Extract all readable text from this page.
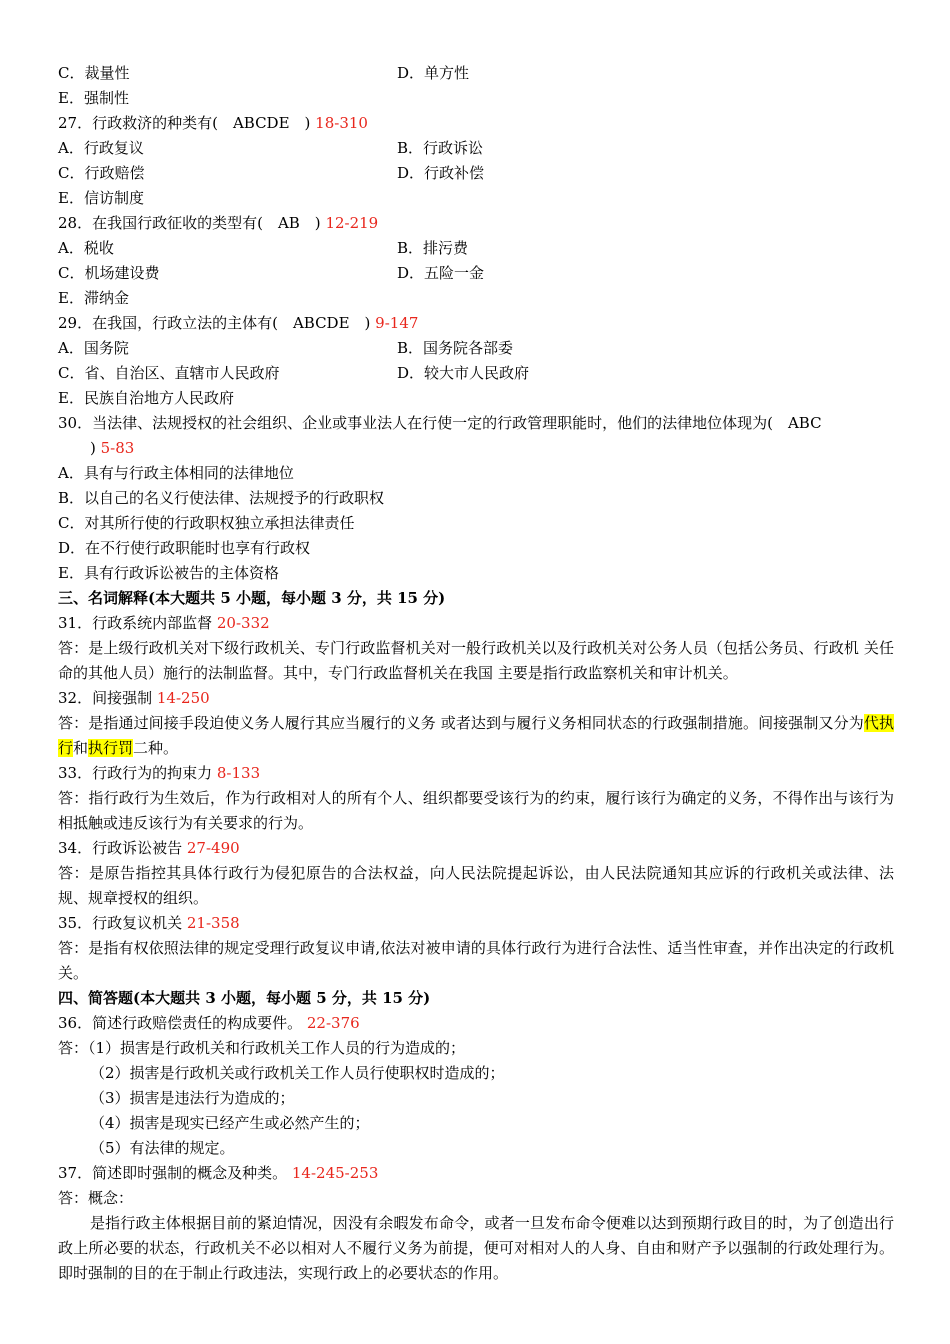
C．裁量性	D．单方性
E．强制性
27．行政救济的种类有(　ABCDE　) 18-310
A．行政复议	B．行政诉讼
C．行政赔偿	D．行政补偿
E．信访制度
28．在我国行政征收的类型有(　AB　) 12-219
A．税收	B．排污费
C．机场建设费	D．五险一金
E．滞纳金
29．在我国，行政立法的主体有(　ABCDE　) 9-147
A．国务院	B．国务院各部委
C．省、自治区、直辖市人民政府	D．较大市人民政府
E．民族自治地方人民政府
30．当法律、法规授权的社会组织、企业或事业法人在行使一定的行政管理职能时，他们的法律地位体现为(　ABC
) 5-83
A．具有与行政主体相同的法律地位
B．以自己的名义行使法律、法规授予的行政职权
C．对其所行使的行政职权独立承担法律责任
D．在不行使行政职能时也享有行政权
E．具有行政诉讼被告的主体资格
三、名词解释(本大题共 5 小题，每小题 3 分，共 15 分)
31．行政系统内部监督 20-332
答：是上级行政机关对下级行政机关、专门行政监督机关对一般行政机关以及行政机关对公务人员（包括公务员、行政机 关任命的其他人员）施行的法制监督。其中，专门行政监督机关在我国 主要是指行政监察机关和审计机关。
32．间接强制 14-250
答：是指通过间接手段迫使义务人履行其应当履行的义务 或者达到与履行义务相同状态的行政强制措施。间接强制又分为代执行和执行罚二种。
33．行政行为的拘束力 8-133
答：指行政行为生效后，作为行政相对人的所有个人、组织都要受该行为的约束，履行该行为确定的义务，不得作出与该行为相抵触或违反该行为有关要求的行为。
34．行政诉讼被告 27-490
答：是原告指控其具体行政行为侵犯原告的合法权益，向人民法院提起诉讼，由人民法院通知其应诉的行政机关或法律、法规、规章授权的组织。
35．行政复议机关 21-358
答：是指有权依照法律的规定受理行政复议申请,依法对被申请的具体行政行为进行合法性、适当性审查，并作出决定的行政机关。
四、简答题(本大题共 3 小题，每小题 5 分，共 15 分)
36．简述行政赔偿责任的构成要件。 22-376
答：（1）损害是行政机关和行政机关工作人员的行为造成的；
（2）损害是行政机关或行政机关工作人员行使职权时造成的；
（3）损害是违法行为造成的；
（4）损害是现实已经产生或必然产生的；
（5）有法律的规定。
37．简述即时强制的概念及种类。 14-245-253
答：概念：
是指行政主体根据目前的紧迫情况，因没有余暇发布命令，或者一旦发布命令便难以达到预期行政目的时，为了创造出行政上所必要的状态，行政机关不必以相对人不履行义务为前提，便可对相对人的人身、自由和财产予以强制的行政处理行为。即时强制的目的在于制止行政违法，实现行政上的必要状态的作用。
